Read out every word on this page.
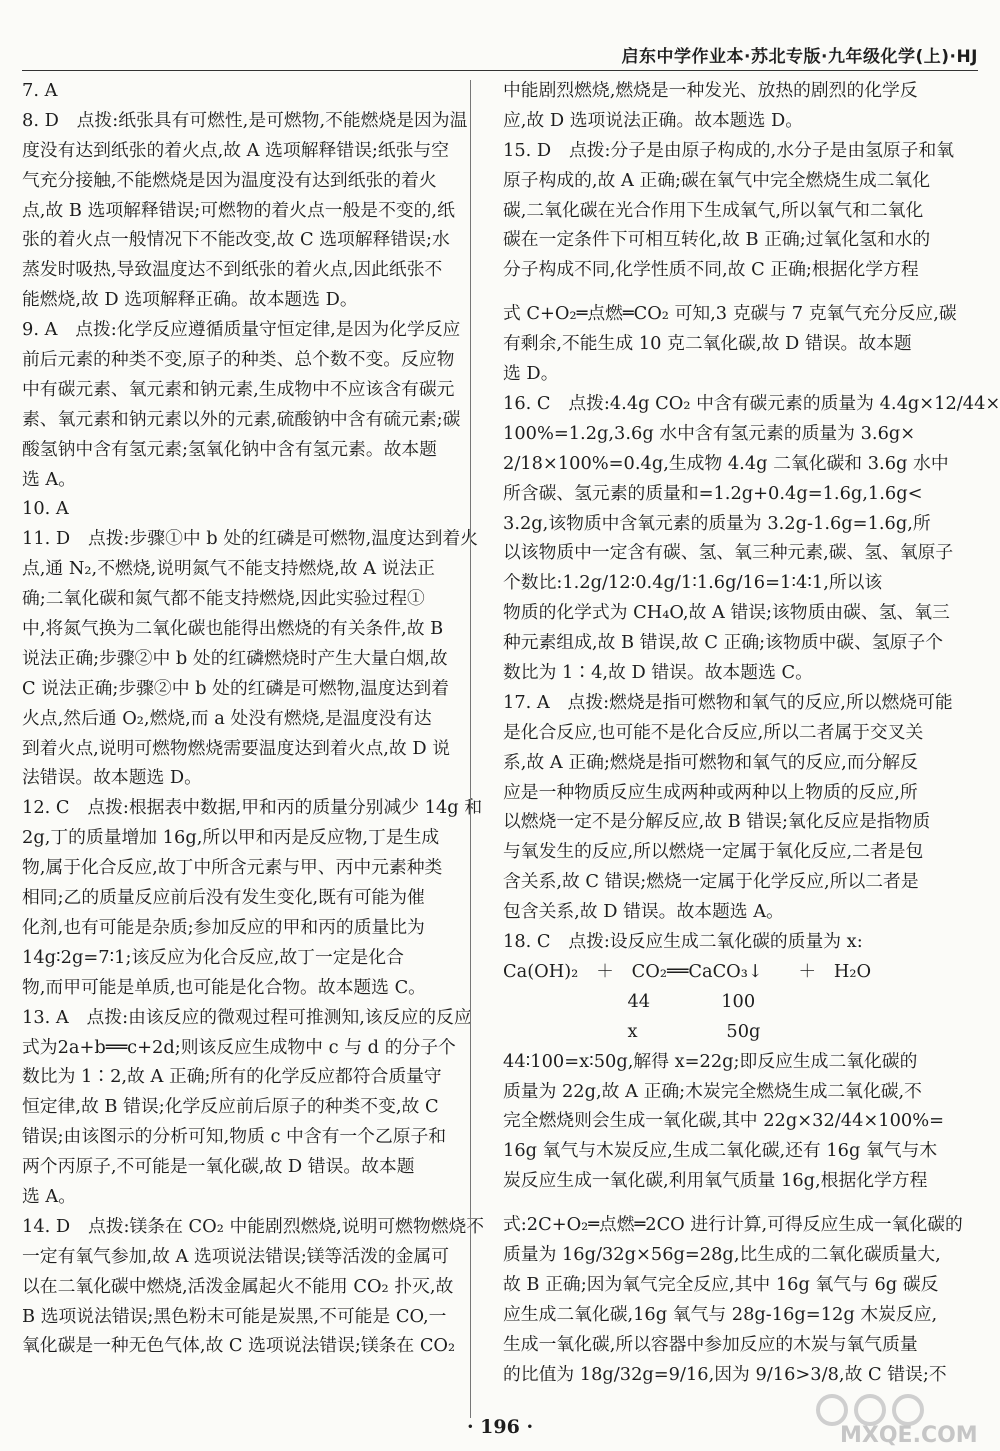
启东中学作业本·苏北专版·九年级化学(上)·HJ
7. A
8. D　点拨:纸张具有可燃性,是可燃物,不能燃烧是因为温
度没有达到纸张的着火点,故 A 选项解释错误;纸张与空
气充分接触,不能燃烧是因为温度没有达到纸张的着火
点,故 B 选项解释错误;可燃物的着火点一般是不变的,纸
张的着火点一般情况下不能改变,故 C 选项解释错误;水
蒸发时吸热,导致温度达不到纸张的着火点,因此纸张不
能燃烧,故 D 选项解释正确。故本题选 D。
9. A　点拨:化学反应遵循质量守恒定律,是因为化学反应
前后元素的种类不变,原子的种类、总个数不变。反应物
中有碳元素、氧元素和钠元素,生成物中不应该含有碳元
素、氧元素和钠元素以外的元素,硫酸钠中含有硫元素;碳
酸氢钠中含有氢元素;氢氧化钠中含有氢元素。故本题
选 A。
10. A
11. D　点拨:步骤①中 b 处的红磷是可燃物,温度达到着火
点,通 N₂,不燃烧,说明氮气不能支持燃烧,故 A 说法正
确;二氧化碳和氮气都不能支持燃烧,因此实验过程①
中,将氮气换为二氧化碳也能得出燃烧的有关条件,故 B
说法正确;步骤②中 b 处的红磷燃烧时产生大量白烟,故
C 说法正确;步骤②中 b 处的红磷是可燃物,温度达到着
火点,然后通 O₂,燃烧,而 a 处没有燃烧,是温度没有达
到着火点,说明可燃物燃烧需要温度达到着火点,故 D 说
法错误。故本题选 D。
12. C　点拨:根据表中数据,甲和丙的质量分别减少 14g 和
2g,丁的质量增加 16g,所以甲和丙是反应物,丁是生成
物,属于化合反应,故丁中所含元素与甲、丙中元素种类
相同;乙的质量反应前后没有发生变化,既有可能为催
化剂,也有可能是杂质;参加反应的甲和丙的质量比为
14g∶2g=7∶1;该反应为化合反应,故丁一定是化合
物,而甲可能是单质,也可能是化合物。故本题选 C。
13. A　点拨:由该反应的微观过程可推测知,该反应的反应
式为2a+b══c+2d;则该反应生成物中 c 与 d 的分子个
数比为 1∶2,故 A 正确;所有的化学反应都符合质量守
恒定律,故 B 错误;化学反应前后原子的种类不变,故 C
错误;由该图示的分析可知,物质 c 中含有一个乙原子和
两个丙原子,不可能是一氧化碳,故 D 错误。故本题
选 A。
14. D　点拨:镁条在 CO₂ 中能剧烈燃烧,说明可燃物燃烧不
一定有氧气参加,故 A 选项说法错误;镁等活泼的金属可
以在二氧化碳中燃烧,活泼金属起火不能用 CO₂ 扑灭,故
B 选项说法错误;黑色粉末可能是炭黑,不可能是 CO,一
氧化碳是一种无色气体,故 C 选项说法错误;镁条在 CO₂
中能剧烈燃烧,燃烧是一种发光、放热的剧烈的化学反
应,故 D 选项说法正确。故本题选 D。
15. D　点拨:分子是由原子构成的,水分子是由氢原子和氧
原子构成的,故 A 正确;碳在氧气中完全燃烧生成二氧化
碳,二氧化碳在光合作用下生成氧气,所以氧气和二氧化
碳在一定条件下可相互转化,故 B 正确;过氧化氢和水的
分子构成不同,化学性质不同,故 C 正确;根据化学方程
式 C+O₂═点燃═CO₂ 可知,3 克碳与 7 克氧气充分反应,碳
有剩余,不能生成 10 克二氧化碳,故 D 错误。故本题
选 D。
16. C　点拨:4.4g CO₂ 中含有碳元素的质量为 4.4g×12/44×
100%=1.2g,3.6g 水中含有氢元素的质量为 3.6g×
2/18×100%=0.4g,生成物 4.4g 二氧化碳和 3.6g 水中
所含碳、氢元素的质量和=1.2g+0.4g=1.6g,1.6g<
3.2g,该物质中含氧元素的质量为 3.2g-1.6g=1.6g,所
以该物质中一定含有碳、氢、氧三种元素,碳、氢、氧原子
个数比:1.2g/12∶0.4g/1∶1.6g/16=1∶4∶1,所以该
物质的化学式为 CH₄O,故 A 错误;该物质由碳、氢、氧三
种元素组成,故 B 错误,故 C 正确;该物质中碳、氢原子个
数比为 1∶4,故 D 错误。故本题选 C。
17. A　点拨:燃烧是指可燃物和氧气的反应,所以燃烧可能
是化合反应,也可能不是化合反应,所以二者属于交叉关
系,故 A 正确;燃烧是指可燃物和氧气的反应,而分解反
应是一种物质反应生成两种或两种以上物质的反应,所
以燃烧一定不是分解反应,故 B 错误;氧化反应是指物质
与氧发生的反应,所以燃烧一定属于氧化反应,二者是包
含关系,故 C 错误;燃烧一定属于化学反应,所以二者是
包含关系,故 D 错误。故本题选 A。
18. C　点拨:设反应生成二氧化碳的质量为 x:
Ca(OH)₂　＋　CO₂══CaCO₃↓　　＋　H₂O
　　　　　　　44　　　　100
　　　　　　　x　　　　　50g
44∶100=x∶50g,解得 x=22g;即反应生成二氧化碳的
质量为 22g,故 A 正确;木炭完全燃烧生成二氧化碳,不
完全燃烧则会生成一氧化碳,其中 22g×32/44×100%=
16g 氧气与木炭反应,生成二氧化碳,还有 16g 氧气与木
炭反应生成一氧化碳,利用氧气质量 16g,根据化学方程
式:2C+O₂═点燃═2CO 进行计算,可得反应生成一氧化碳的
质量为 16g/32g×56g=28g,比生成的二氧化碳质量大,
故 B 正确;因为氧气完全反应,其中 16g 氧气与 6g 碳反
应生成二氧化碳,16g 氧气与 28g-16g=12g 木炭反应,
生成一氧化碳,所以容器中参加反应的木炭与氧气质量
的比值为 18g/32g=9/16,因为 9/16>3/8,故 C 错误;不
· 196 ·	MXQE.COM
